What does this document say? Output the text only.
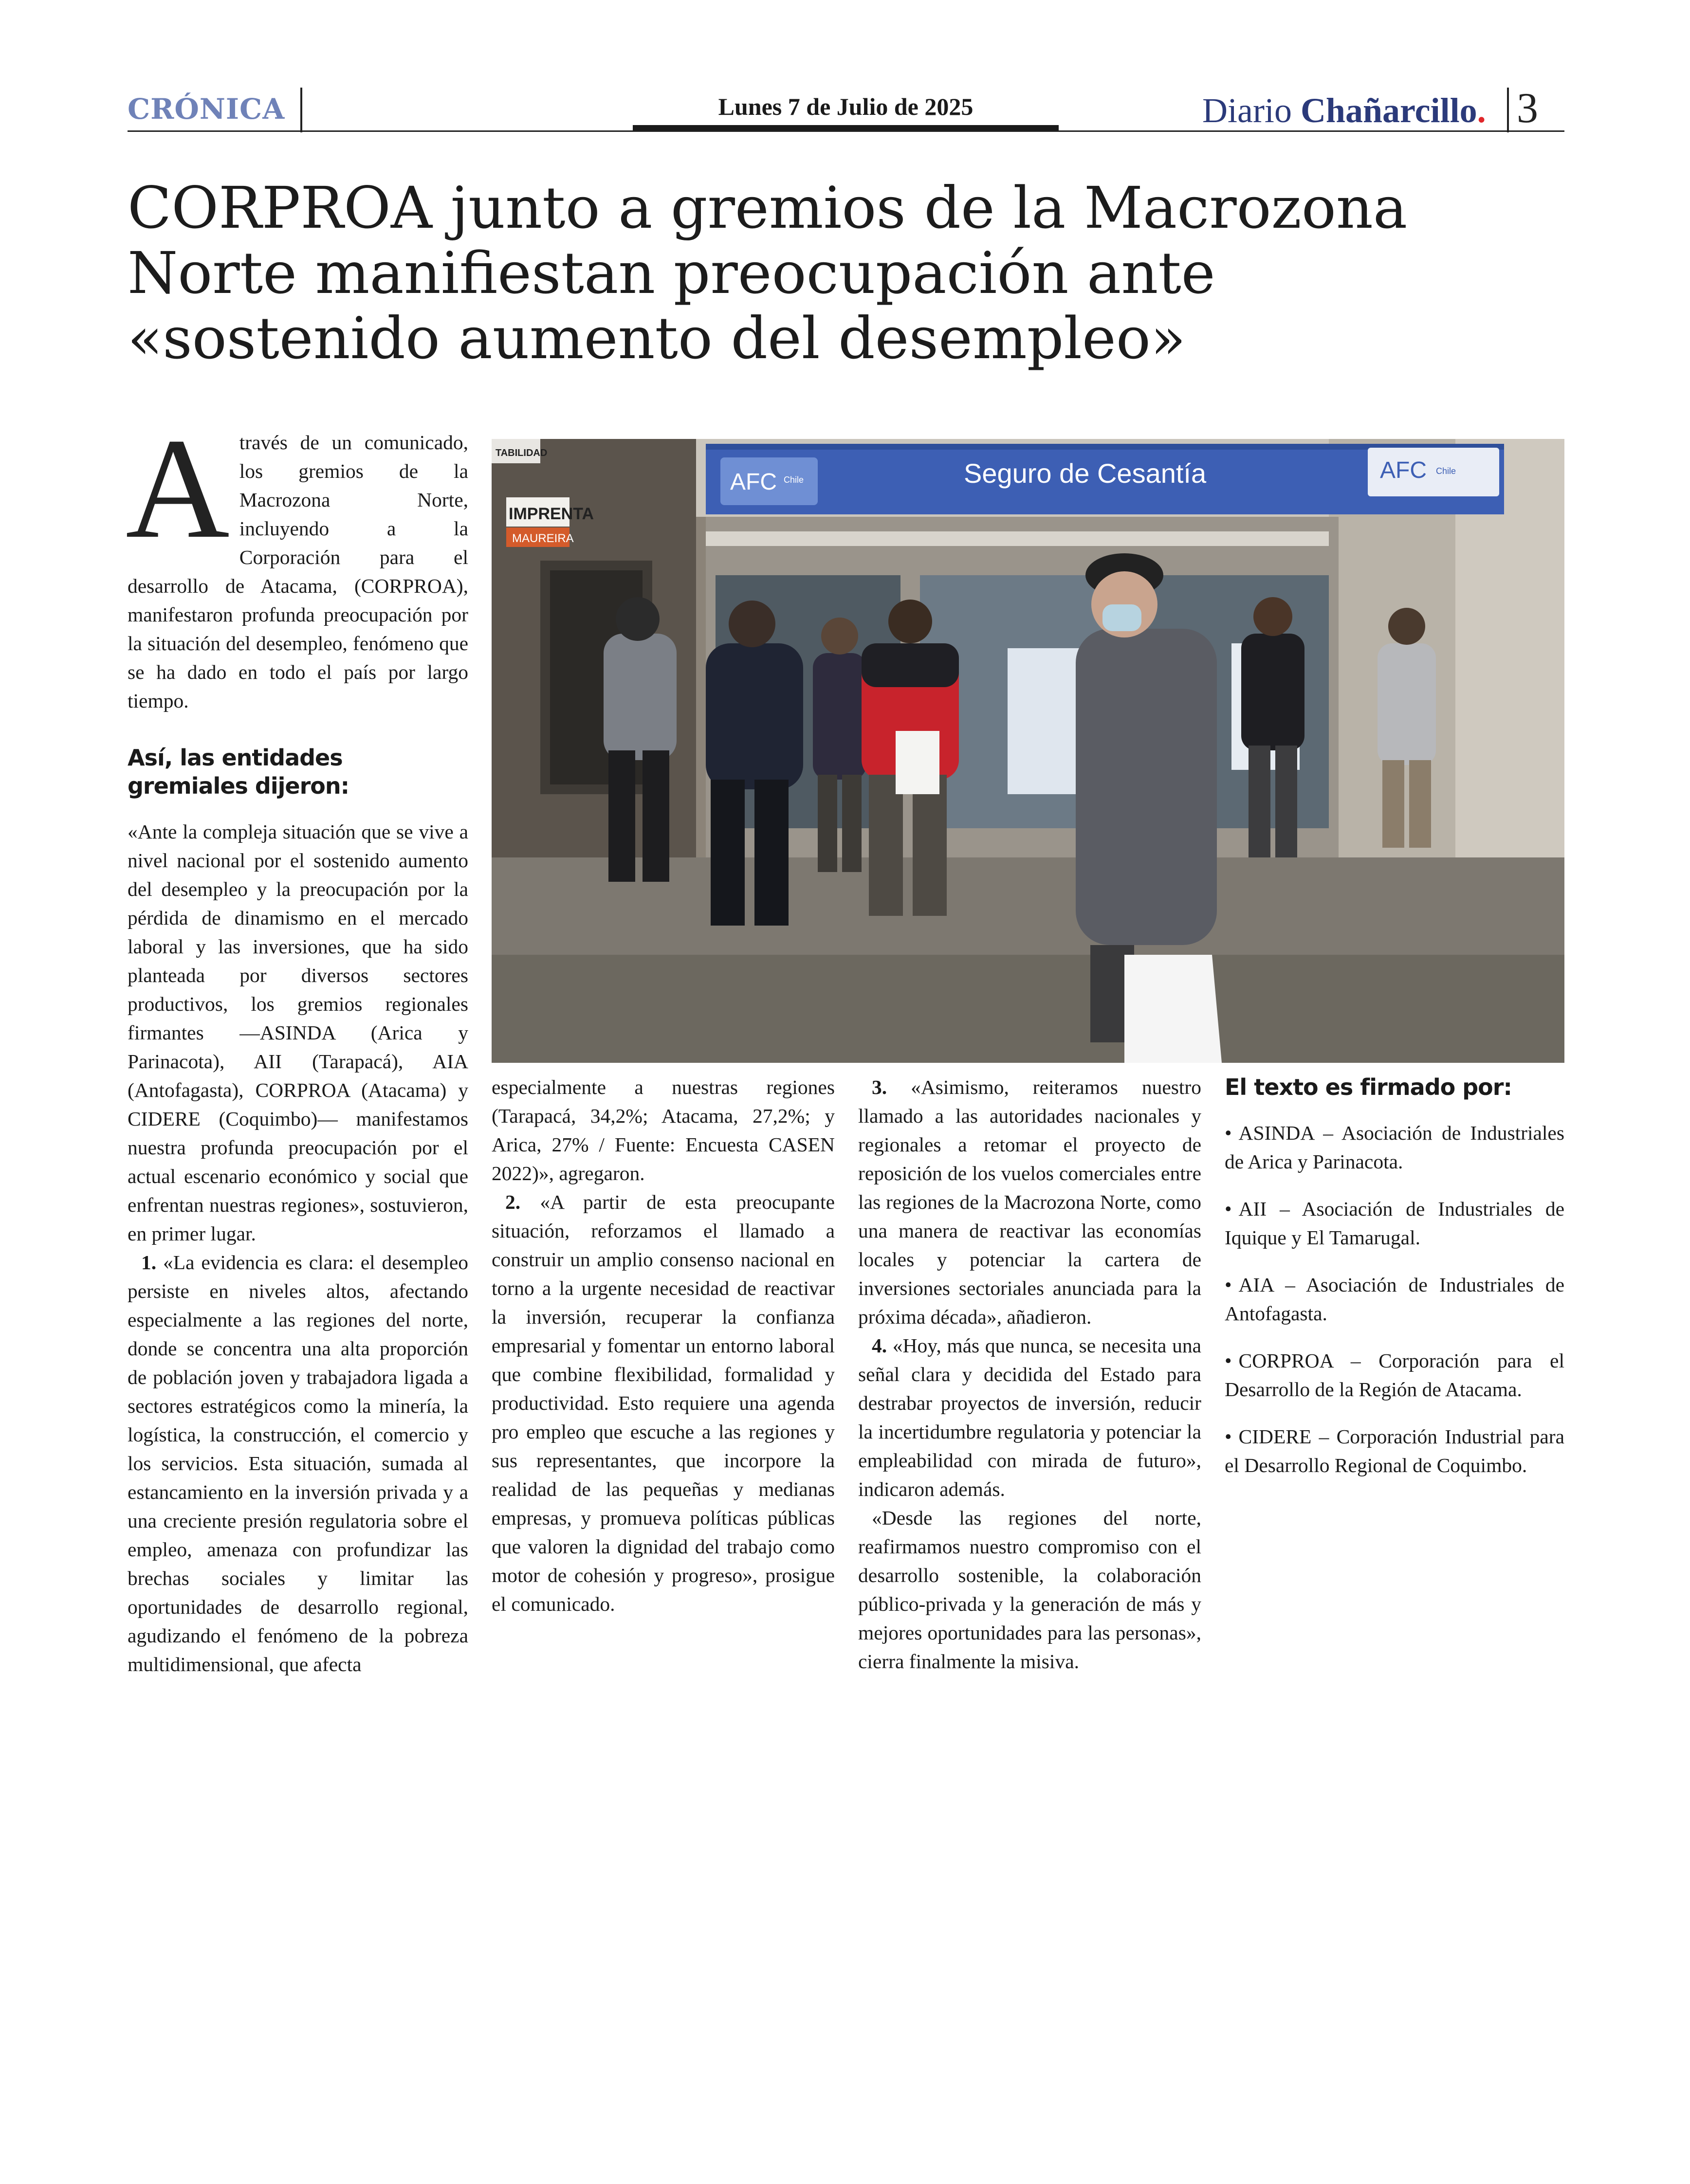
CRÓNICA	Lunes 7 de Julio de 2025	Diario Chañarcillo. 3
CORPROA junto a gremios de la Macrozona
Norte manifiestan preocupación ante
«sostenido aumento del desempleo»
TABILIDAD
IMPRENTA
MAUREIRA
AFC Chile	Seguro de Cesantía	AFC Chile
A través de un comunicado, los gremios de la Macrozona Norte, incluyendo a la Corporación para el desarrollo de Atacama, (CORPROA), manifestaron profunda preocupación por la situación del desempleo, fenómeno que se ha dado en todo el país por largo tiempo.

Así, las entidades gremiales dijeron:

«Ante la compleja situación que se vive a nivel nacional por el sostenido aumento del desempleo y la preocupación por la pérdida de dinamismo en el mercado laboral y las inversiones, que ha sido planteada por diversos sectores productivos, los gremios regionales firmantes —ASINDA (Arica y Parinacota), AII (Tarapacá), AIA (Antofagasta), CORPROA (Atacama) y CIDERE (Coquimbo)— manifestamos nuestra profunda preocupación por el actual escenario económico y social que enfrentan nuestras regiones», sostuvieron, en primer lugar.

1. «La evidencia es clara: el desempleo persiste en niveles altos, afectando especialmente a las regiones del norte, donde se concentra una alta proporción de población joven y trabajadora ligada a sectores estratégicos como la minería, la logística, la construcción, el comercio y los servicios. Esta situación, sumada al estancamiento en la inversión privada y a una creciente presión regulatoria sobre el empleo, amenaza con profundizar las brechas sociales y limitar las oportunidades de desarrollo regional, agudizando el fenómeno de la pobreza multidimensional, que afecta

especialmente a nuestras regiones (Tarapacá, 34,2%; Atacama, 27,2%; y Arica, 27% / Fuente: Encuesta CASEN 2022)», agregaron.

2. «A partir de esta preocupante situación, reforzamos el llamado a construir un amplio consenso nacional en torno a la urgente necesidad de reactivar la inversión, recuperar la confianza empresarial y fomentar un entorno laboral que combine flexibilidad, formalidad y productividad. Esto requiere una agenda pro empleo que escuche a las regiones y sus representantes, que incorpore la realidad de las pequeñas y medianas empresas, y promueva políticas públicas que valoren la dignidad del trabajo como motor de cohesión y progreso», prosigue el comunicado.

3. «Asimismo, reiteramos nuestro llamado a las autoridades nacionales y regionales a retomar el proyecto de reposición de los vuelos comerciales entre las regiones de la Macrozona Norte, como una manera de reactivar las economías locales y potenciar la cartera de inversiones sectoriales anunciada para la próxima década», añadieron.

4. «Hoy, más que nunca, se necesita una señal clara y decidida del Estado para destrabar proyectos de inversión, reducir la incertidumbre regulatoria y potenciar la empleabilidad con mirada de futuro», indicaron además.

«Desde las regiones del norte, reafirmamos nuestro compromiso con el desarrollo sostenible, la colaboración público-privada y la generación de más y mejores oportunidades para las personas», cierra finalmente la misiva.

El texto es firmado por:

• ASINDA – Asociación de Industriales de Arica y Parinacota.

• AII – Asociación de Industriales de Iquique y El Tamarugal.

• AIA – Asociación de Industriales de Antofagasta.

• CORPROA – Corporación para el Desarrollo de la Región de Atacama.

• CIDERE – Corporación Industrial para el Desarrollo Regional de Coquimbo.
